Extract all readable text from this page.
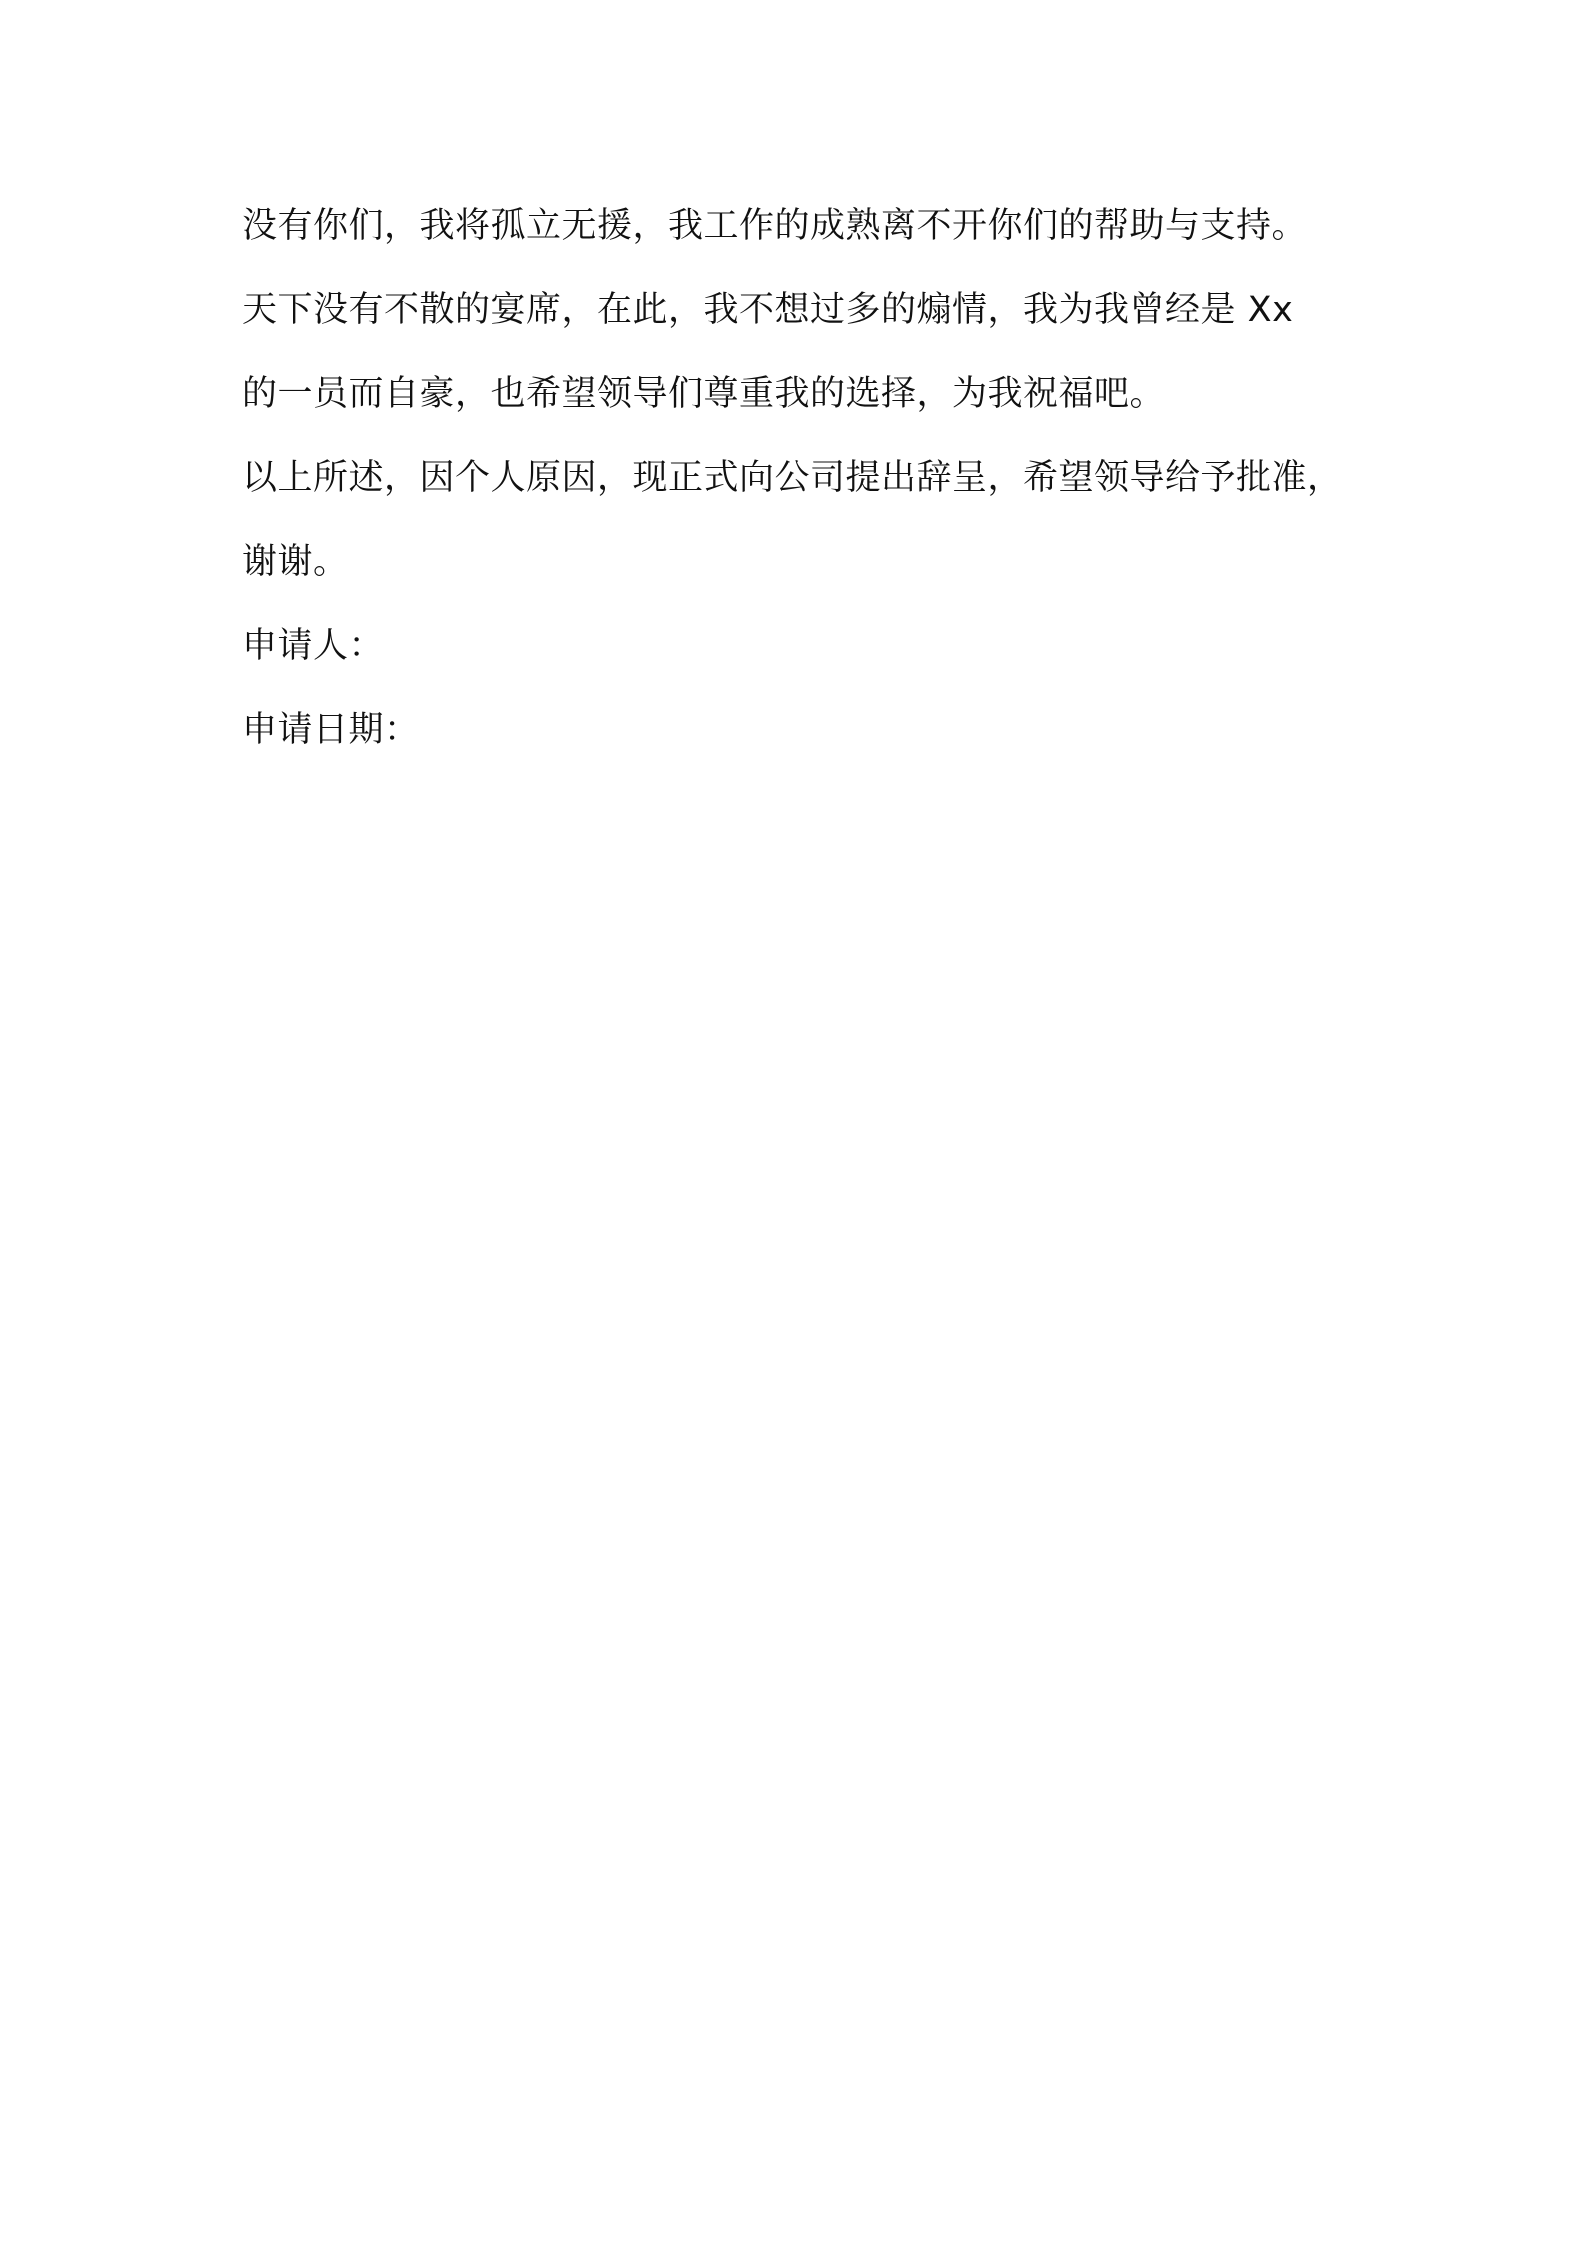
没有你们，我将孤立无援，我工作的成熟离不开你们的帮助与支持。
天下没有不散的宴席，在此，我不想过多的煽情，我为我曾经是 Xx
的一员而自豪，也希望领导们尊重我的选择，为我祝福吧。
以上所述，因个人原因，现正式向公司提出辞呈，希望领导给予批准，
谢谢。
申请人：
申请日期：
